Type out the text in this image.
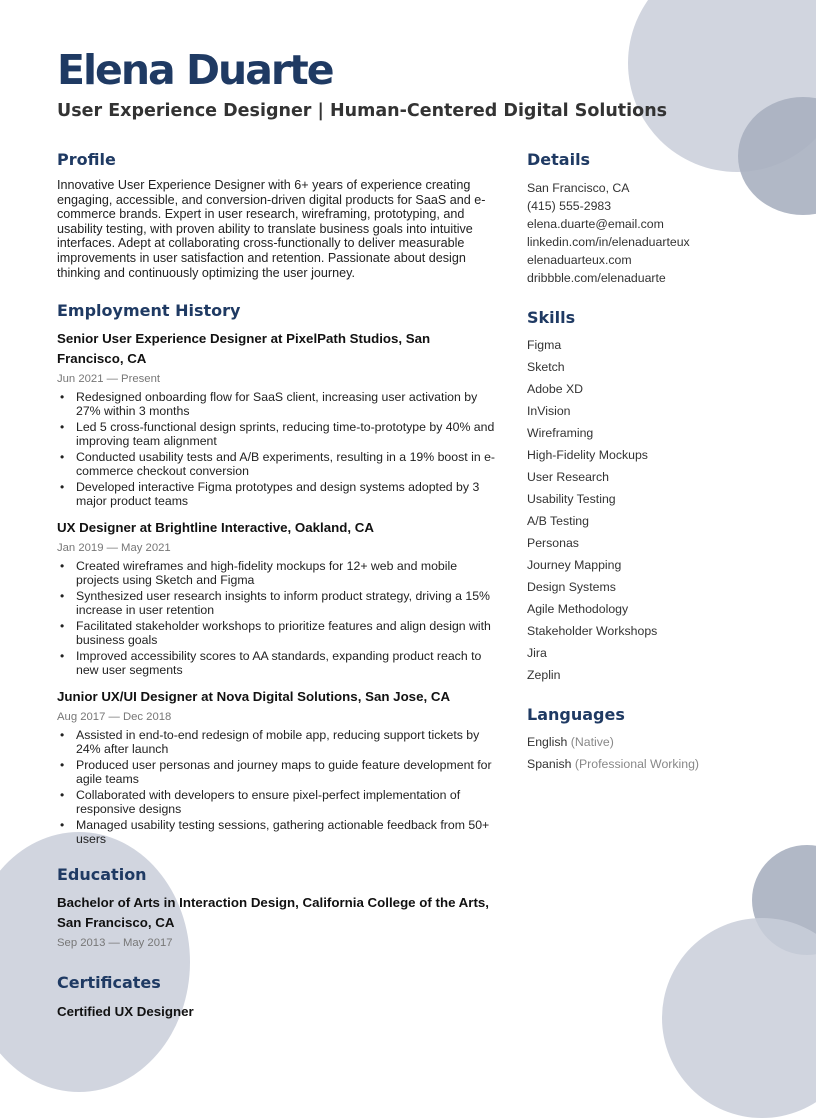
Elena Duarte
User Experience Designer | Human-Centered Digital Solutions
Profile

Innovative User Experience Designer with 6+ years of experience creating engaging, accessible, and conversion-driven digital products for SaaS and e-commerce brands. Expert in user research, wireframing, prototyping, and usability testing, with proven ability to translate business goals into intuitive interfaces. Adept at collaborating cross-functionally to deliver measurable improvements in user satisfaction and retention. Passionate about design thinking and continuously optimizing the user journey.

Employment History
Senior User Experience Designer at PixelPath Studios, San Francisco, CA
Jun 2021 — Present
• Redesigned onboarding flow for SaaS client, increasing user activation by 27% within 3 months
• Led 5 cross-functional design sprints, reducing time-to-prototype by 40% and improving team alignment
• Conducted usability tests and A/B experiments, resulting in a 19% boost in e-commerce checkout conversion
• Developed interactive Figma prototypes and design systems adopted by 3 major product teams
UX Designer at Brightline Interactive, Oakland, CA
Jan 2019 — May 2021
• Created wireframes and high-fidelity mockups for 12+ web and mobile projects using Sketch and Figma
• Synthesized user research insights to inform product strategy, driving a 15% increase in user retention
• Facilitated stakeholder workshops to prioritize features and align design with business goals
• Improved accessibility scores to AA standards, expanding product reach to new user segments
Junior UX/UI Designer at Nova Digital Solutions, San Jose, CA
Aug 2017 — Dec 2018
• Assisted in end-to-end redesign of mobile app, reducing support tickets by 24% after launch
• Produced user personas and journey maps to guide feature development for agile teams
• Collaborated with developers to ensure pixel-perfect implementation of responsive designs
• Managed usability testing sessions, gathering actionable feedback from 50+ users
Education
Bachelor of Arts in Interaction Design, California College of the Arts, San Francisco, CA
Sep 2013 — May 2017
Certificates
Certified UX Designer
Details
San Francisco, CA
(415) 555-2983
elena.duarte@email.com
linkedin.com/in/elenaduarteux
elenaduarteux.com
dribbble.com/elenaduarte
Skills
Figma
Sketch
Adobe XD
InVision
Wireframing
High-Fidelity Mockups
User Research
Usability Testing
A/B Testing
Personas
Journey Mapping
Design Systems
Agile Methodology
Stakeholder Workshops
Jira
Zeplin
Languages
English (Native)
Spanish (Professional Working)
